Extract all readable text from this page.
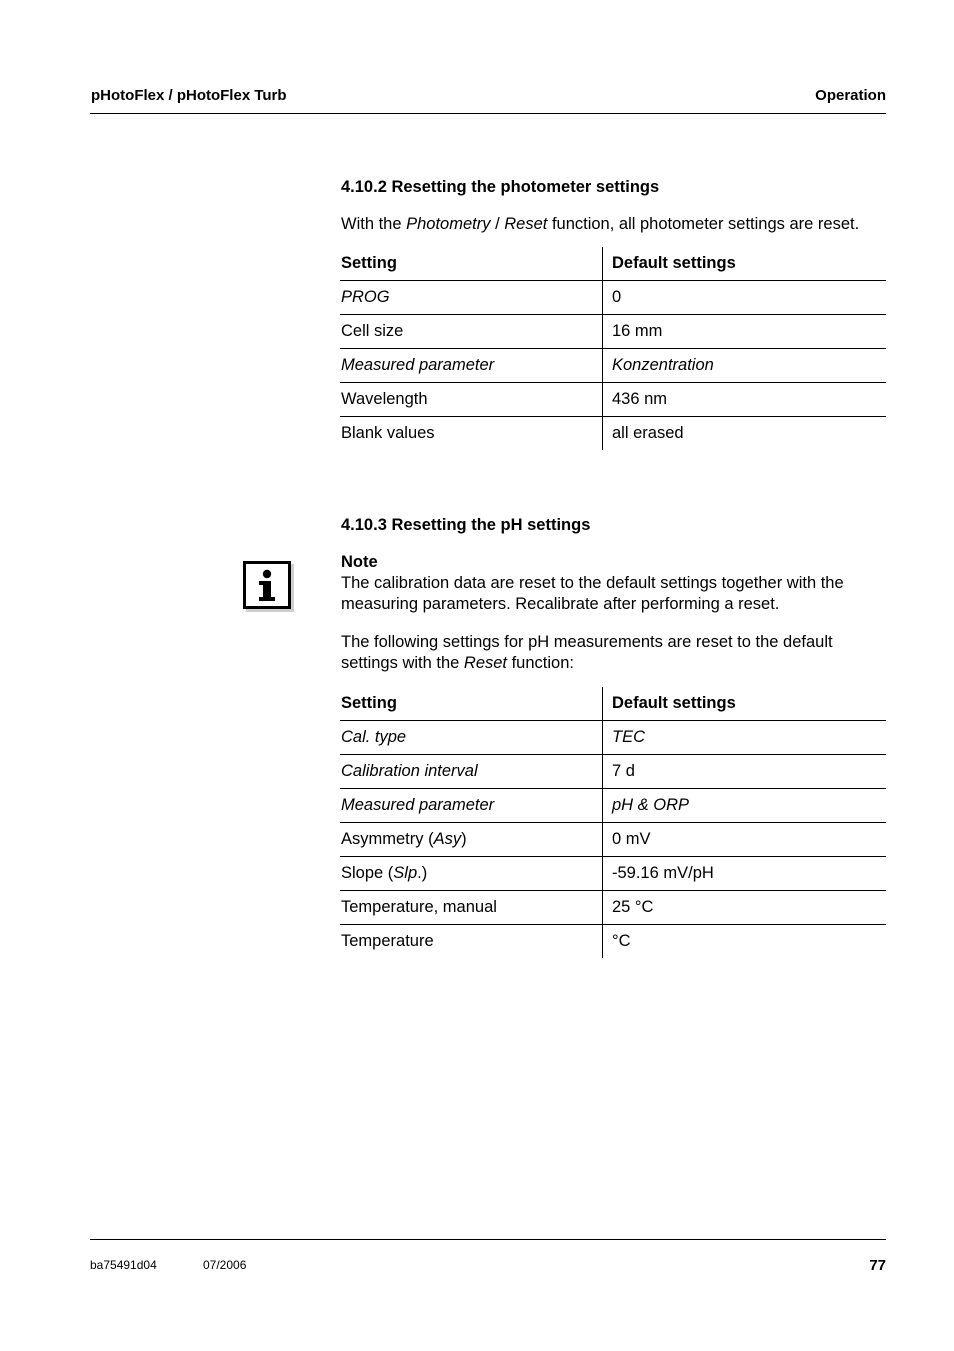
pHotoFlex / pHotoFlex Turb	Operation
4.10.2 Resetting the photometer settings
With the Photometry / Reset function, all photometer settings are reset.
Setting	Default settings
PROG	0
Cell size	16 mm
Measured parameter	Konzentration
Wavelength	436 nm
Blank values	all erased
4.10.3 Resetting the pH settings
Note
The calibration data are reset to the default settings together with the measuring parameters. Recalibrate after performing a reset.
The following settings for pH measurements are reset to the default settings with the Reset function:
Setting	Default settings
Cal. type	TEC
Calibration interval	7 d
Measured parameter	pH & ORP
Asymmetry (Asy)	0 mV
Slope (Slp.)	-59.16 mV/pH
Temperature, manual	25 °C
Temperature	°C
ba75491d04	07/2006	77
